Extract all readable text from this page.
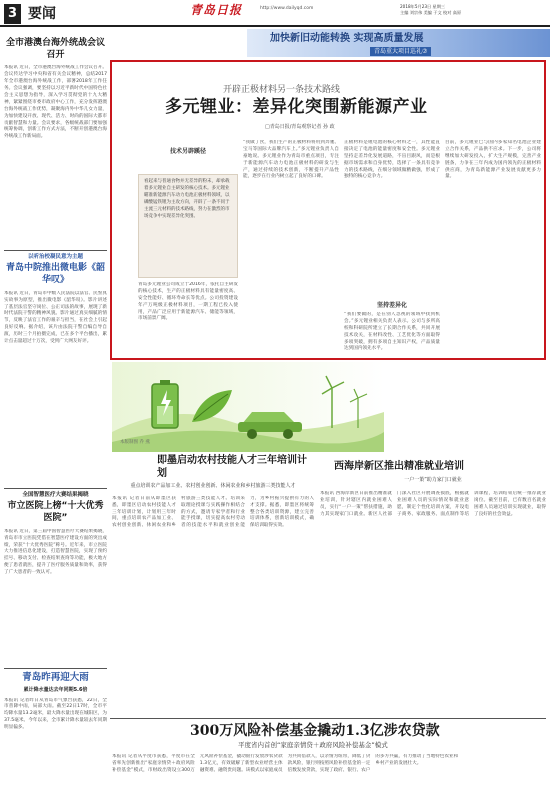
3 要闻	青岛日报	http://www.dailyqd.com	2018年5月23日 星期三
主编 刘宗伟 美编 于文 校对 高原
加快新旧动能转换 实现高质量发展
青岛重大项目巡礼⑦
全市港澳台海外统战会议召开
本报讯 近日，全市港澳台海外统战工作会议召开。会议传达学习中央和省有关会议精神，总结2017年全市港澳台海外统战工作，部署2018年工作任务。会议强调，要坚持以习近平新时代中国特色社会主义思想为指导，深入学习贯彻党的十九大精神，紧紧围绕市委市政府中心工作，充分发挥港澳台海外统战工作优势，凝聚海内外中华儿女力量，为加快建设开放、现代、活力、时尚的国际大都市贡献智慧和力量。会议要求，各级统战部门要加强统筹协调，创新工作方式方法，不断开创港澳台海外统战工作新局面。
以听治校凝民意为主题
青岛中院推出微电影《韶华叹》
本报讯 近日，青岛市中级人民法院以法官、民警真实故事为原型，推出微电影《韶华叹》。影片讲述了基层法官坚守岗位、公正司法的故事，展现了新时代法院干警的精神风貌。影片通过真实细腻的情节，反映了法官工作的艰辛与担当，在社会上引起良好反响。据介绍，该片由法院干警自编自导自演，历时三个月拍摄完成，已在多个平台播出，累计点击量超过十万次，受到广大网友好评。
全国智慧医疗大赛结果揭晓
市立医院上榜“十大优秀医院”
本报讯 近日，第三届中国智慧医疗大赛结果揭晓，青岛市市立医院凭借在智慧医疗建设方面的突出成绩，荣获“十大优秀医院”称号。近年来，市立医院大力推进信息化建设，打造智慧医院，实现了预约挂号、移动支付、检查结果查询等功能，极大地方便了患者就医，提升了医疗服务质量和效率，获得了广大患者的一致认可。
青岛昨再迎大雨
累计降水量达去年同期5.6倍
本报讯 记者昨日从青岛市气象台获悉，22日，全市普降中雨，局部大雨。截至22日17时，全市平均降水量13.2毫米，最大降水量出现在城阳区，为37.5毫米。今年以来，全市累计降水量较去年同期明显偏多。
开辟正极材料另一条技术路线
多元锂业：差异化突围新能源产业
□青岛日报/青岛观察记者 孙 政
技术另辟蹊径
看起来与普通食物并无差异的粉末，却承载着多元锂业自主研发的核心技术。多元锂业瞄准新能源汽车动力电池正极材料领域，以磷酸锰铁锂为主攻方向，开辟了一条不同于主流三元材料的技术路线，努力在激烈的市场竞争中实现差异化突围。
青岛多元锂业公司成立于2016年，依托自主研发的核心技术，生产的正极材料具有能量密度高、安全性能好、循环寿命长等优点。公司投资建设年产万吨级正极材料项目，一期工程已投入使用，产品广泛应用于新能源汽车、储能等领域，市场前景广阔。
“我做了食，我们生产的正极材料将用到奔驰、宝马等国际大品牌汽车上。”多元锂业负责人自豪地说。多元锂业作为青岛市重点项目，专注于新能源汽车动力电池正极材料的研发与生产，通过持续的技术创新，不断提升产品性能，逐步在行业内树立起了良好的口碑。
正极材料是锂电池的核心材料之一，其性能直接决定了电池的能量密度和安全性。多元锂业坚持走差异化发展道路，不盲目跟风，而是根据市场需求和自身优势，选择了一条具有竞争力的技术路线，在细分领域做精做强，形成了独特的核心竞争力。
坚持差异化
“我们要做的，是在别人忽视的领域中找到机会。”多元锂业相关负责人表示。公司与多所高校和科研院所建立了长期合作关系，共同开展技术攻关，在材料改性、工艺优化等方面取得多项突破，拥有多项自主知识产权，产品质量达到国内领先水平。
目前，多元锂业已与国内多家知名电池企业建立合作关系，产品供不应求。下一步，公司将继续加大研发投入，扩大生产规模，完善产业链条，力争在三年内成为国内领先的正极材料供应商，为青岛新能源产业发展贡献更多力量。
本版制图 乔 燕
即墨启动农村技能人才三年培训计划
重点培训农产品加工业、农村创业创新、休闲农业和乡村旅游三类技能人才
本报讯 记者日前从即墨区获悉，即墨区启动农村技能人才三年培训计划，计划用三年时间，重点培训农产品加工业、农村创业创新、休闲农业和乡村旅游三类技能人才。培训采取理论授课与实践操作相结合的方式，邀请专家学者和行业能手授课，切实提高农村劳动者的技能水平和就业创业能力，为乡村振兴提供有力的人才支撑。据悉，即墨区将统筹整合各类培训资源，建立完善培训体系，创新培训模式，确保培训取得实效。
西海岸新区推出精准就业培训
一户一策”助力家门口就业
本报讯 西海岸新区日前推出精准就业培训，针对辖区内就业困难人员，实行“一户一策”帮扶措施，助力其实现家门口就业。新区人社部门深入社区开展调查摸底，根据就业困难人员的实际情况和就业意愿，制定个性化培训方案，开设电子商务、家政服务、面点制作等培训课程，培训结束后统一推荐就业岗位。截至目前，已有数百名就业困难人员通过培训实现就业，取得了良好的社会效益。
300万风险补偿基金撬动1.3亿涉农贷款
平度省内首创“家庭亲情贷＋政府风险补偿基金”模式
本报讯 记者从平度市获悉，平度市在全省率先创新推出“家庭亲情贷＋政府风险补偿基金”模式，市财政出资设立300万元风险补偿基金，撬动银行发放涉农贷款1.3亿元，有效破解了新型农业经营主体融资难、融资贵问题。该模式以家庭成员为共同借款人，以亲情为纽带，降低了贷款风险，银行则按照风险补偿基金的一定倍数发放贷款，实现了政府、银行、农户的多方共赢，有力推动了当地特色农业和乡村产业的发展壮大。
